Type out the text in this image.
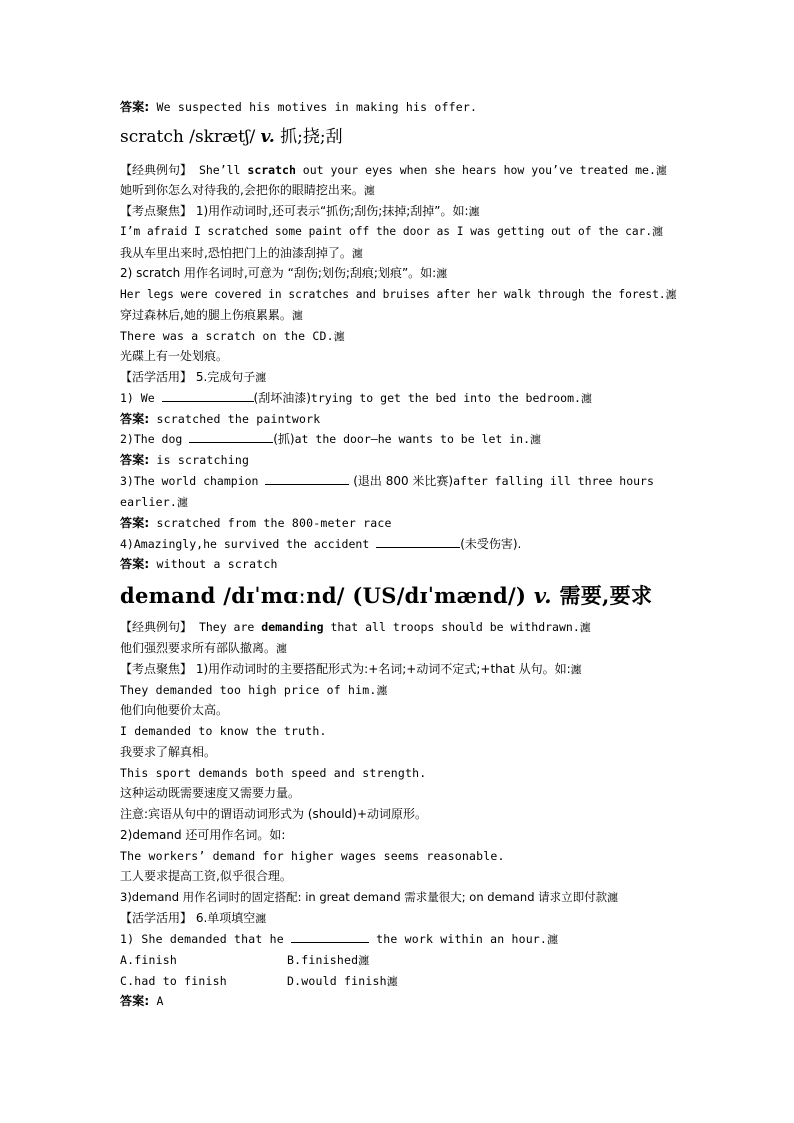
答案: We suspected his motives in making his offer.
scratch /skrætʃ/ v. 抓;挠;刮
【经典例句】 She’ll scratch out your eyes when she hears how you’ve treated me.瀍
她听到你怎么对待我的,会把你的眼睛挖出来。瀍
【考点聚焦】 1)用作动词时,还可表示“抓伤;刮伤;抹掉;刮掉”。如:瀍
I’m afraid I scratched some paint off the door as I was getting out of the car.瀍
我从车里出来时,恐怕把门上的油漆刮掉了。瀍
2) scratch 用作名词时,可意为 “刮伤;划伤;刮痕;划痕”。如:瀍
Her legs were covered in scratches and bruises after her walk through the forest.瀍
穿过森林后,她的腿上伤痕累累。瀍
There was a scratch on the CD.瀍
光碟上有一处划痕。
【活学活用】 5.完成句子瀍
1) We	(刮坏油漆)trying to get the bed into the bedroom.瀍
答案: scratched the paintwork
2)The dog	(抓)at the door—he wants to be let in.瀍
答案: is scratching
3)The world champion	(退出 800 米比赛)after falling ill three hours
earlier.瀍
答案: scratched from the 800-meter race
4)Amazingly,he survived the accident	(未受伤害).
答案: without a scratch
demand /dɪˈmɑːnd/ (US/dɪˈmænd/) v. 需要,要求
【经典例句】 They are demanding that all troops should be withdrawn.瀍
他们强烈要求所有部队撤离。瀍
【考点聚焦】 1)用作动词时的主要搭配形式为:+名词;+动词不定式;+that 从句。如:瀍
They demanded too high price of him.瀍
他们向他要价太高。
I demanded to know the truth.
我要求了解真相。
This sport demands both speed and strength.
这种运动既需要速度又需要力量。
注意:宾语从句中的谓语动词形式为 (should)+动词原形。
2)demand 还可用作名词。如:
The workers’ demand for higher wages seems reasonable.
工人要求提高工资,似乎很合理。
3)demand 用作名词时的固定搭配: in great demand 需求量很大; on demand 请求立即付款瀍
【活学活用】 6.单项填空瀍
1) She demanded that he	the work within an hour.瀍
A.finish	B.finished瀍
C.had to finish	D.would finish瀍
答案: A
